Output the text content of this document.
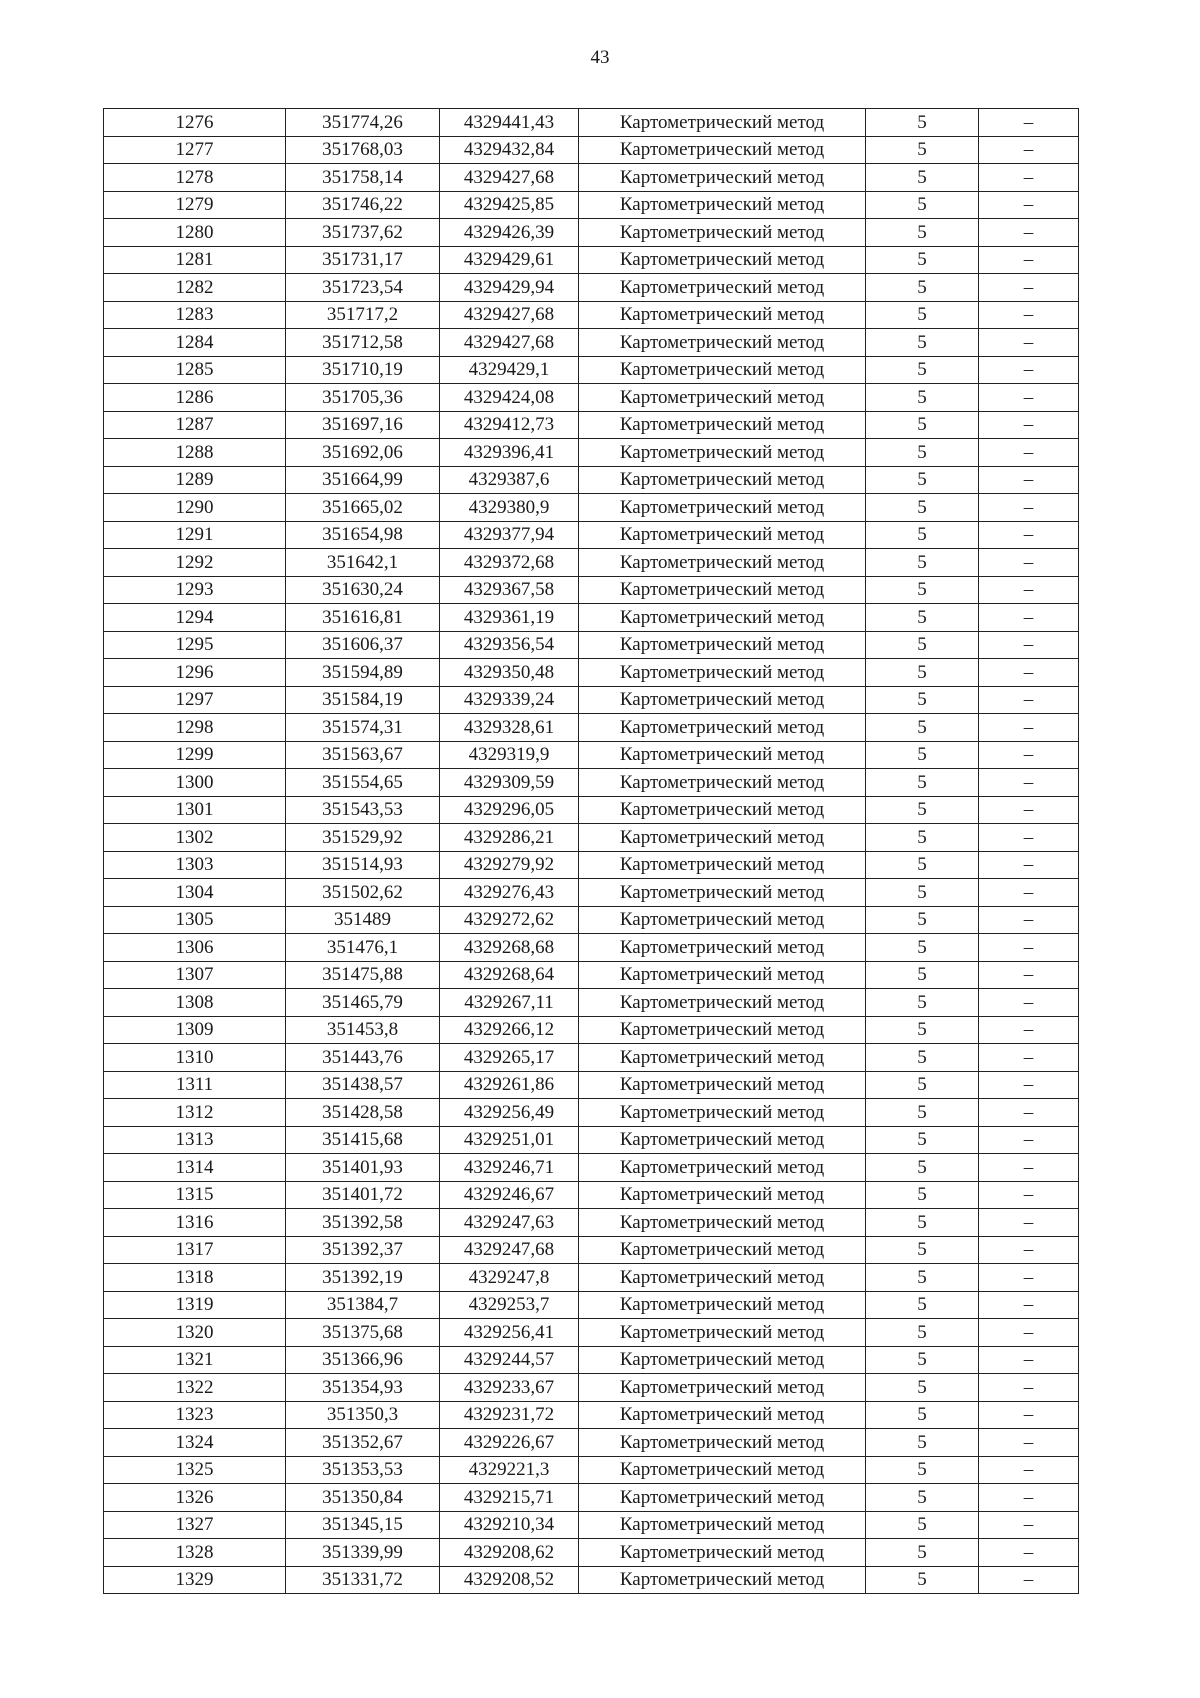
43
1276	351774,26	4329441,43	Картометрический метод	5	–
1277	351768,03	4329432,84	Картометрический метод	5	–
1278	351758,14	4329427,68	Картометрический метод	5	–
1279	351746,22	4329425,85	Картометрический метод	5	–
1280	351737,62	4329426,39	Картометрический метод	5	–
1281	351731,17	4329429,61	Картометрический метод	5	–
1282	351723,54	4329429,94	Картометрический метод	5	–
1283	351717,2	4329427,68	Картометрический метод	5	–
1284	351712,58	4329427,68	Картометрический метод	5	–
1285	351710,19	4329429,1	Картометрический метод	5	–
1286	351705,36	4329424,08	Картометрический метод	5	–
1287	351697,16	4329412,73	Картометрический метод	5	–
1288	351692,06	4329396,41	Картометрический метод	5	–
1289	351664,99	4329387,6	Картометрический метод	5	–
1290	351665,02	4329380,9	Картометрический метод	5	–
1291	351654,98	4329377,94	Картометрический метод	5	–
1292	351642,1	4329372,68	Картометрический метод	5	–
1293	351630,24	4329367,58	Картометрический метод	5	–
1294	351616,81	4329361,19	Картометрический метод	5	–
1295	351606,37	4329356,54	Картометрический метод	5	–
1296	351594,89	4329350,48	Картометрический метод	5	–
1297	351584,19	4329339,24	Картометрический метод	5	–
1298	351574,31	4329328,61	Картометрический метод	5	–
1299	351563,67	4329319,9	Картометрический метод	5	–
1300	351554,65	4329309,59	Картометрический метод	5	–
1301	351543,53	4329296,05	Картометрический метод	5	–
1302	351529,92	4329286,21	Картометрический метод	5	–
1303	351514,93	4329279,92	Картометрический метод	5	–
1304	351502,62	4329276,43	Картометрический метод	5	–
1305	351489	4329272,62	Картометрический метод	5	–
1306	351476,1	4329268,68	Картометрический метод	5	–
1307	351475,88	4329268,64	Картометрический метод	5	–
1308	351465,79	4329267,11	Картометрический метод	5	–
1309	351453,8	4329266,12	Картометрический метод	5	–
1310	351443,76	4329265,17	Картометрический метод	5	–
1311	351438,57	4329261,86	Картометрический метод	5	–
1312	351428,58	4329256,49	Картометрический метод	5	–
1313	351415,68	4329251,01	Картометрический метод	5	–
1314	351401,93	4329246,71	Картометрический метод	5	–
1315	351401,72	4329246,67	Картометрический метод	5	–
1316	351392,58	4329247,63	Картометрический метод	5	–
1317	351392,37	4329247,68	Картометрический метод	5	–
1318	351392,19	4329247,8	Картометрический метод	5	–
1319	351384,7	4329253,7	Картометрический метод	5	–
1320	351375,68	4329256,41	Картометрический метод	5	–
1321	351366,96	4329244,57	Картометрический метод	5	–
1322	351354,93	4329233,67	Картометрический метод	5	–
1323	351350,3	4329231,72	Картометрический метод	5	–
1324	351352,67	4329226,67	Картометрический метод	5	–
1325	351353,53	4329221,3	Картометрический метод	5	–
1326	351350,84	4329215,71	Картометрический метод	5	–
1327	351345,15	4329210,34	Картометрический метод	5	–
1328	351339,99	4329208,62	Картометрический метод	5	–
1329	351331,72	4329208,52	Картометрический метод	5	–
